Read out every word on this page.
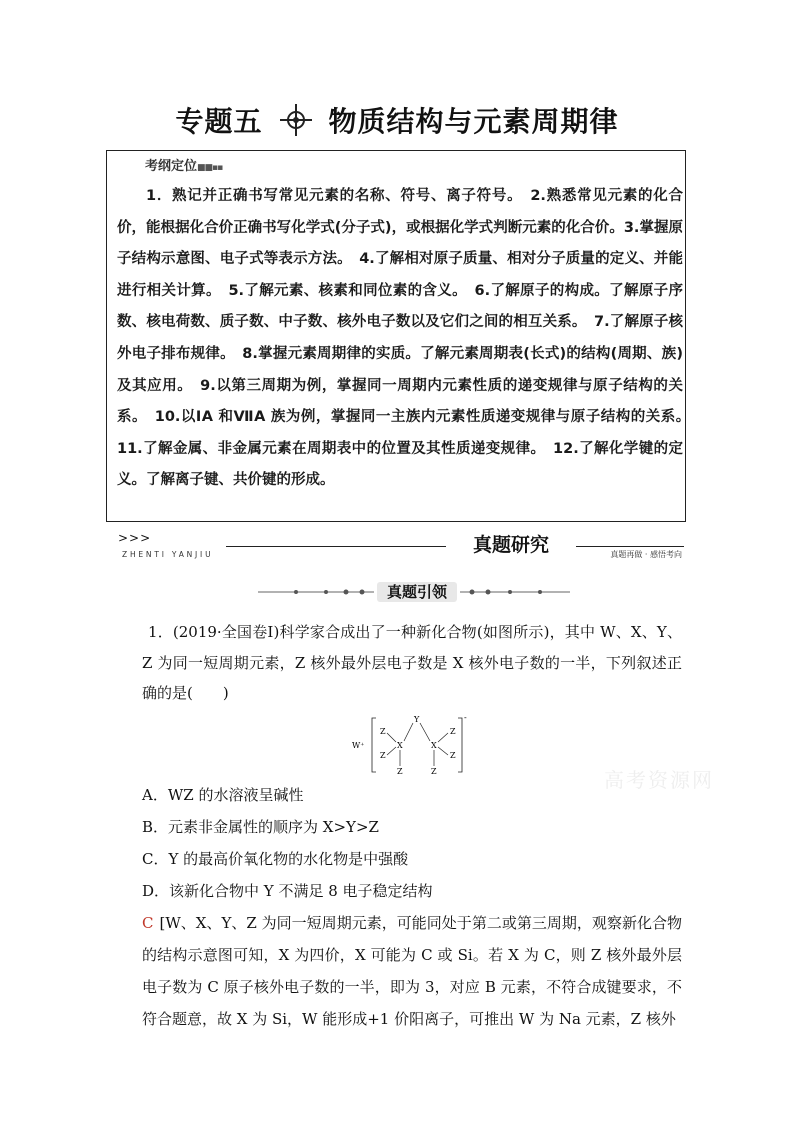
专题五 物质结构与元素周期律
考纲定位■■▪▪
1．熟记并正确书写常见元素的名称、符号、离子符号。　2.熟悉常见元素的化合价，能根据化合价正确书写化学式(分子式)，或根据化学式判断元素的化合价。3.掌握原子结构示意图、电子式等表示方法。　4.了解相对原子质量、相对分子质量的定义、并能进行相关计算。　5.了解元素、核素和同位素的含义。　6.了解原子的构成。了解原子序数、核电荷数、质子数、中子数、核外电子数以及它们之间的相互关系。　7.了解原子核外电子排布规律。　8.掌握元素周期律的实质。了解元素周期表(长式)的结构(周期、族)及其应用。　9.以第三周期为例，掌握同一周期内元素性质的递变规律与原子结构的关系。　10.以ⅠA 和ⅦA 族为例，掌握同一主族内元素性质递变规律与原子结构的关系。　11.了解金属、非金属元素在周期表中的位置及其性质递变规律。　12.了解化学键的定义。了解离子键、共价键的形成。
>>>
ZHENTI YANJIU	真题研究	真题再做 · 感悟考向
真题引领
1．(2019·全国卷Ⅰ)科学家合成出了一种新化合物(如图所示)，其中 W、X、Y、Z 为同一短周期元素，Z 核外最外层电子数是 X 核外电子数的一半，下列叙述正确的是(　　)
W⁺
-
Z
Z
X
Z
Y
X
Z
Z
Z
A．WZ 的水溶液呈碱性
B．元素非金属性的顺序为 X>Y>Z
C．Y 的最高价氧化物的水化物是中强酸
D．该新化合物中 Y 不满足 8 电子稳定结构
C [W、X、Y、Z 为同一短周期元素，可能同处于第二或第三周期，观察新化合物的结构示意图可知，X 为四价，X 可能为 C 或 Si。若 X 为 C，则 Z 核外最外层电子数为 C 原子核外电子数的一半，即为 3，对应 B 元素，不符合成键要求，不符合题意，故 X 为 Si，W 能形成+1 价阳离子，可推出 W 为 Na 元素，Z 核外
高考资源网
